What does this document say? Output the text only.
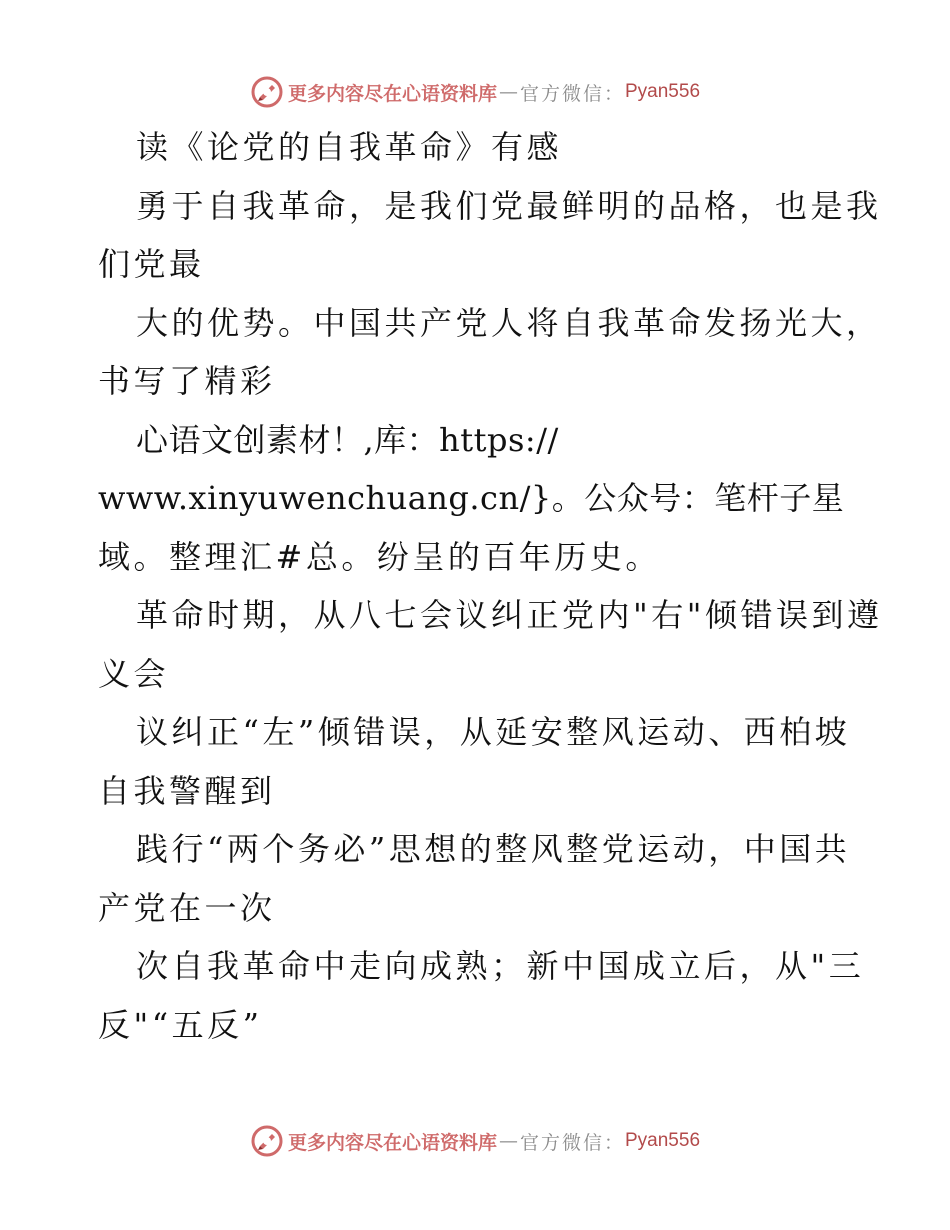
更多内容尽在心语资料库 — 官方微信： Pyan556

读《论党的自我革命》有感

勇于自我革命，是我们党最鲜明的品格，也是我

们党最

大的优势。中国共产党人将自我革命发扬光大，

书写了精彩

心语文创素材！,库：https://

www.xinyuwenchuang.cn/}。公众号：笔杆子星

域。整理汇#总。纷呈的百年历史。

革命时期，从八七会议纠正党内"右"倾错误到遵

义会

议纠正“左”倾错误，从延安整风运动、西柏坡

自我警醒到

践行“两个务必”思想的整风整党运动，中国共

产党在一次

次自我革命中走向成熟；新中国成立后，从"三

反"“五反”

更多内容尽在心语资料库 — 官方微信： Pyan556
